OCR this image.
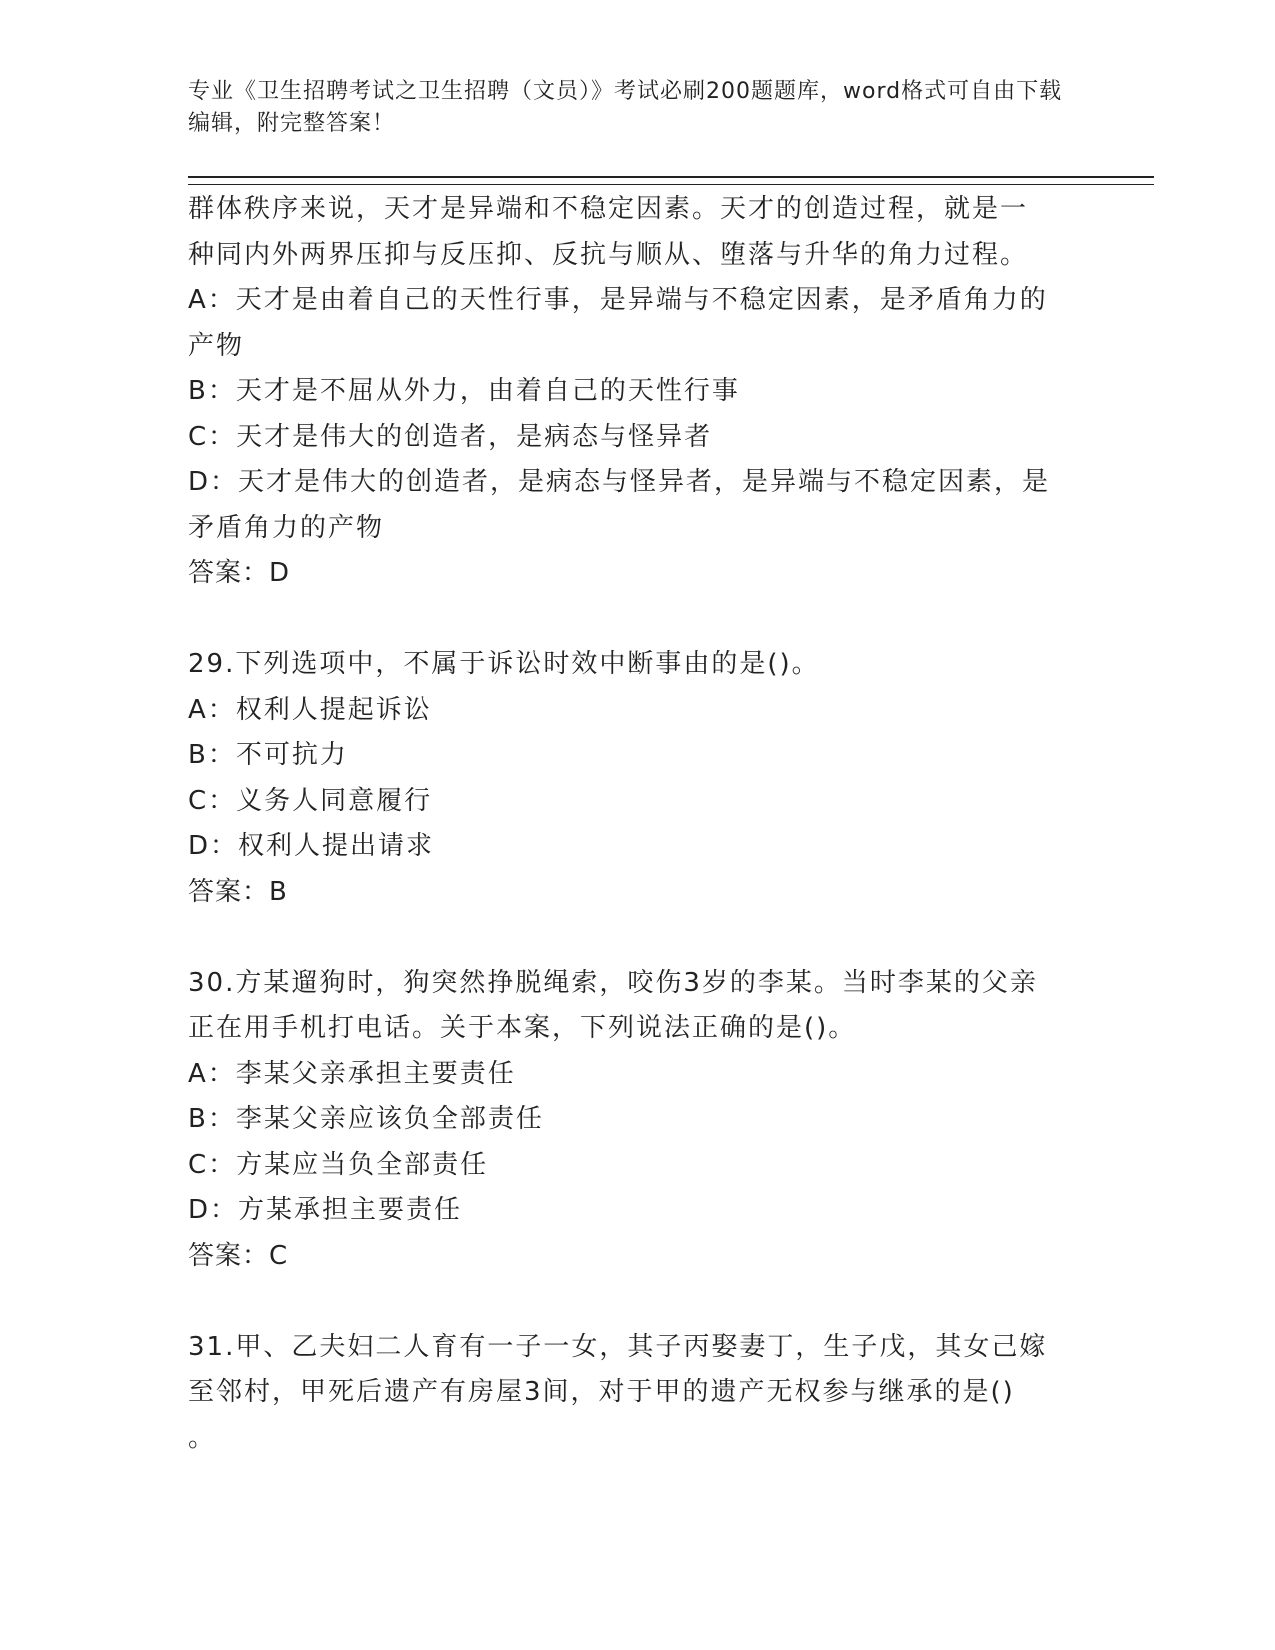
专业《卫生招聘考试之卫生招聘（文员）》考试必刷200题题库，word格式可自由下载编辑，附完整答案！

群体秩序来说，天才是异端和不稳定因素。天才的创造过程，就是一

种同内外两界压抑与反压抑、反抗与顺从、堕落与升华的角力过程。

A：天才是由着自己的天性行事，是异端与不稳定因素，是矛盾角力的

产物

B：天才是不屈从外力，由着自己的天性行事

C：天才是伟大的创造者，是病态与怪异者

D：天才是伟大的创造者，是病态与怪异者，是异端与不稳定因素，是

矛盾角力的产物

答案：D

29.下列选项中，不属于诉讼时效中断事由的是()。

A：权利人提起诉讼

B：不可抗力

C：义务人同意履行

D：权利人提出请求

答案：B

30.方某遛狗时，狗突然挣脱绳索，咬伤3岁的李某。当时李某的父亲

正在用手机打电话。关于本案，下列说法正确的是()。

A：李某父亲承担主要责任

B：李某父亲应该负全部责任

C：方某应当负全部责任

D：方某承担主要责任

答案：C

31.甲、乙夫妇二人育有一子一女，其子丙娶妻丁，生子戊，其女己嫁

至邻村，甲死后遗产有房屋3间，对于甲的遗产无权参与继承的是()

。
